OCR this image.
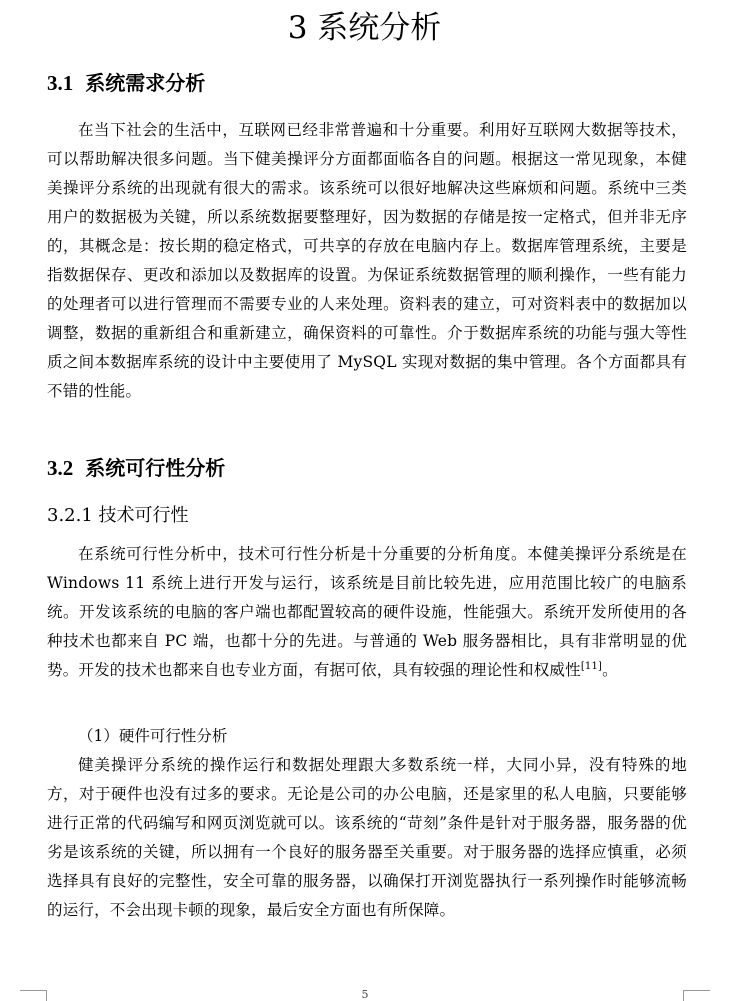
3 系统分析
3.1 系统需求分析

在当下社会的生活中，互联网已经非常普遍和十分重要。利用好互联网大数据等技术，可以帮助解决很多问题。当下健美操评分方面都面临各自的问题。根据这一常见现象，本健美操评分系统的出现就有很大的需求。该系统可以很好地解决这些麻烦和问题。系统中三类用户的数据极为关键，所以系统数据要整理好，因为数据的存储是按一定格式，但并非无序的，其概念是：按长期的稳定格式，可共享的存放在电脑内存上。数据库管理系统，主要是指数据保存、更改和添加以及数据库的设置。为保证系统数据管理的顺利操作，一些有能力的处理者可以进行管理而不需要专业的人来处理。资料表的建立，可对资料表中的数据加以调整，数据的重新组合和重新建立，确保资料的可靠性。介于数据库系统的功能与强大等性质之间本数据库系统的设计中主要使用了 MySQL 实现对数据的集中管理。各个方面都具有不错的性能。

3.2 系统可行性分析
3.2.1 技术可行性

在系统可行性分析中，技术可行性分析是十分重要的分析角度。本健美操评分系统是在 Windows 11 系统上进行开发与运行，该系统是目前比较先进，应用范围比较广的电脑系统。开发该系统的电脑的客户端也都配置较高的硬件设施，性能强大。系统开发所使用的各种技术也都来自 PC 端，也都十分的先进。与普通的 Web 服务器相比，具有非常明显的优势。开发的技术也都来自也专业方面，有据可依，具有较强的理论性和权威性[11]。

（1）硬件可行性分析

健美操评分系统的操作运行和数据处理跟大多数系统一样，大同小异，没有特殊的地方，对于硬件也没有过多的要求。无论是公司的办公电脑，还是家里的私人电脑，只要能够进行正常的代码编写和网页浏览就可以。该系统的“苛刻”条件是针对于服务器，服务器的优劣是该系统的关键，所以拥有一个良好的服务器至关重要。对于服务器的选择应慎重，必须选择具有良好的完整性，安全可靠的服务器，以确保打开浏览器执行一系列操作时能够流畅的运行，不会出现卡顿的现象，最后安全方面也有所保障。

5
